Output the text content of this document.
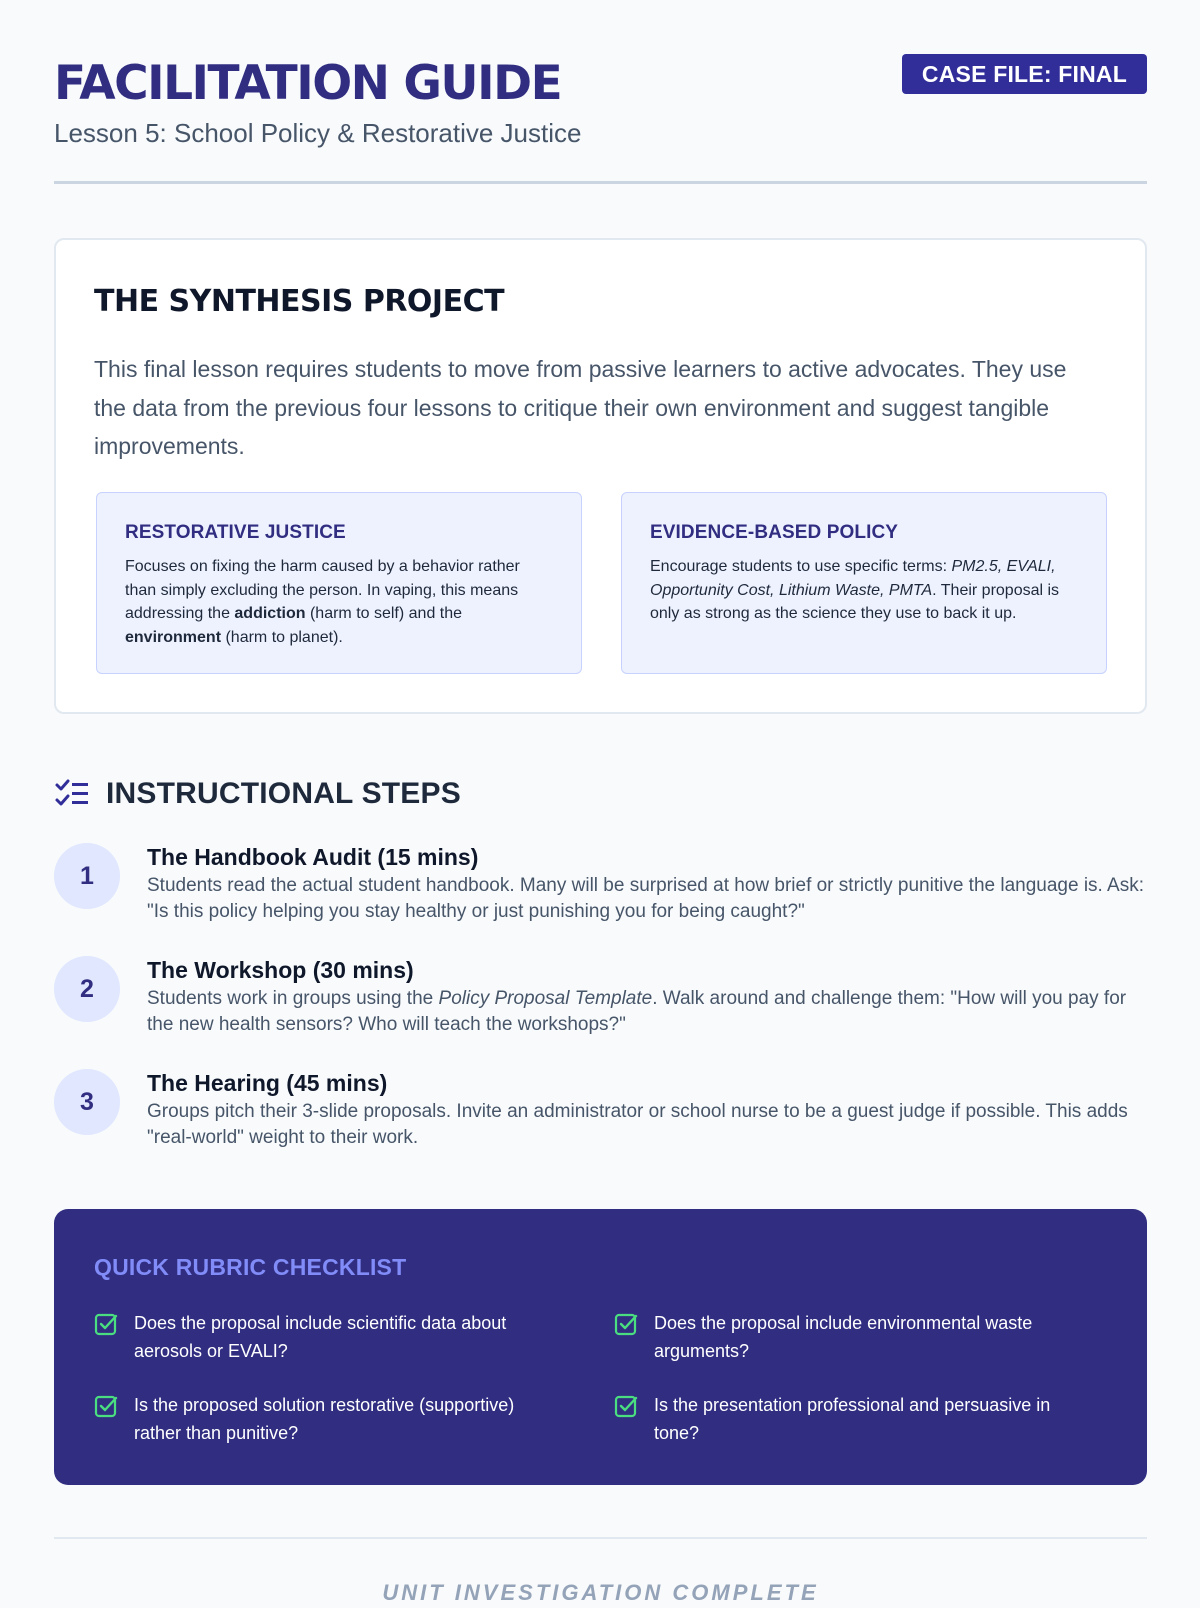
FACILITATION GUIDE
Lesson 5: School Policy & Restorative Justice
CASE FILE: FINAL
THE SYNTHESIS PROJECT

This final lesson requires students to move from passive learners to active advocates. They use the data from the previous four lessons to critique their own environment and suggest tangible improvements.

RESTORATIVE JUSTICE

Focuses on fixing the harm caused by a behavior rather than simply excluding the person. In vaping, this means addressing the addiction (harm to self) and the environment (harm to planet).

EVIDENCE-BASED POLICY

Encourage students to use specific terms: PM2.5, EVALI, Opportunity Cost, Lithium Waste, PMTA. Their proposal is only as strong as the science they use to back it up.

INSTRUCTIONAL STEPS
1
The Handbook Audit (15 mins)

Students read the actual student handbook. Many will be surprised at how brief or strictly punitive the language is. Ask: "Is this policy helping you stay healthy or just punishing you for being caught?"

2
The Workshop (30 mins)

Students work in groups using the Policy Proposal Template. Walk around and challenge them: "How will you pay for the new health sensors? Who will teach the workshops?"

3
The Hearing (45 mins)

Groups pitch their 3-slide proposals. Invite an administrator or school nurse to be a guest judge if possible. This adds "real-world" weight to their work.

QUICK RUBRIC CHECKLIST
Does the proposal include scientific data about aerosols or EVALI?
Does the proposal include environmental waste arguments?
Is the proposed solution restorative (supportive) rather than punitive?
Is the presentation professional and persuasive in tone?
UNIT INVESTIGATION COMPLETE
